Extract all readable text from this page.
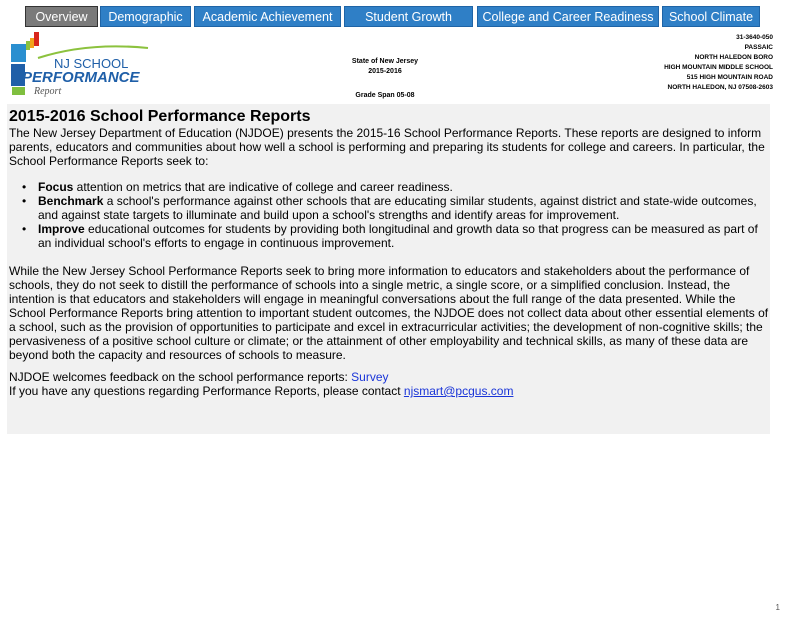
Overview	Demographic	Academic Achievement	Student Growth	College and Career Readiness	School Climate
NJ SCHOOL
PERFORMANCE
Report
State of New Jersey
2015-2016
Grade Span 05-08
31-3640-050
PASSAIC
NORTH HALEDON BORO
HIGH MOUNTAIN MIDDLE SCHOOL
515 HIGH MOUNTAIN ROAD
NORTH HALEDON, NJ 07508-2603
2015-2016 School Performance Reports
The New Jersey Department of Education (NJDOE) presents the 2015-16 School Performance Reports. These reports are designed to inform parents, educators and communities about how well a school is performing and preparing its students for college and careers. In particular, the School Performance Reports seek to:
• Focus attention on metrics that are indicative of college and career readiness.
• Benchmark a school's performance against other schools that are educating similar students, against district and state-wide outcomes, and against state targets to illuminate and build upon a school's strengths and identify areas for improvement.
• Improve educational outcomes for students by providing both longitudinal and growth data so that progress can be measured as part of an individual school's efforts to engage in continuous improvement.
While the New Jersey School Performance Reports seek to bring more information to educators and stakeholders about the performance of schools, they do not seek to distill the performance of schools into a single metric, a single score, or a simplified conclusion. Instead, the intention is that educators and stakeholders will engage in meaningful conversations about the full range of the data presented. While the School Performance Reports bring attention to important student outcomes, the NJDOE does not collect data about other essential elements of a school, such as the provision of opportunities to participate and excel in extracurricular activities; the development of non-cognitive skills; the pervasiveness of a positive school culture or climate; or the attainment of other employability and technical skills, as many of these data are beyond both the capacity and resources of schools to measure.
NJDOE welcomes feedback on the school performance reports: Survey
If you have any questions regarding Performance Reports, please contact njsmart@pcgus.com
1
